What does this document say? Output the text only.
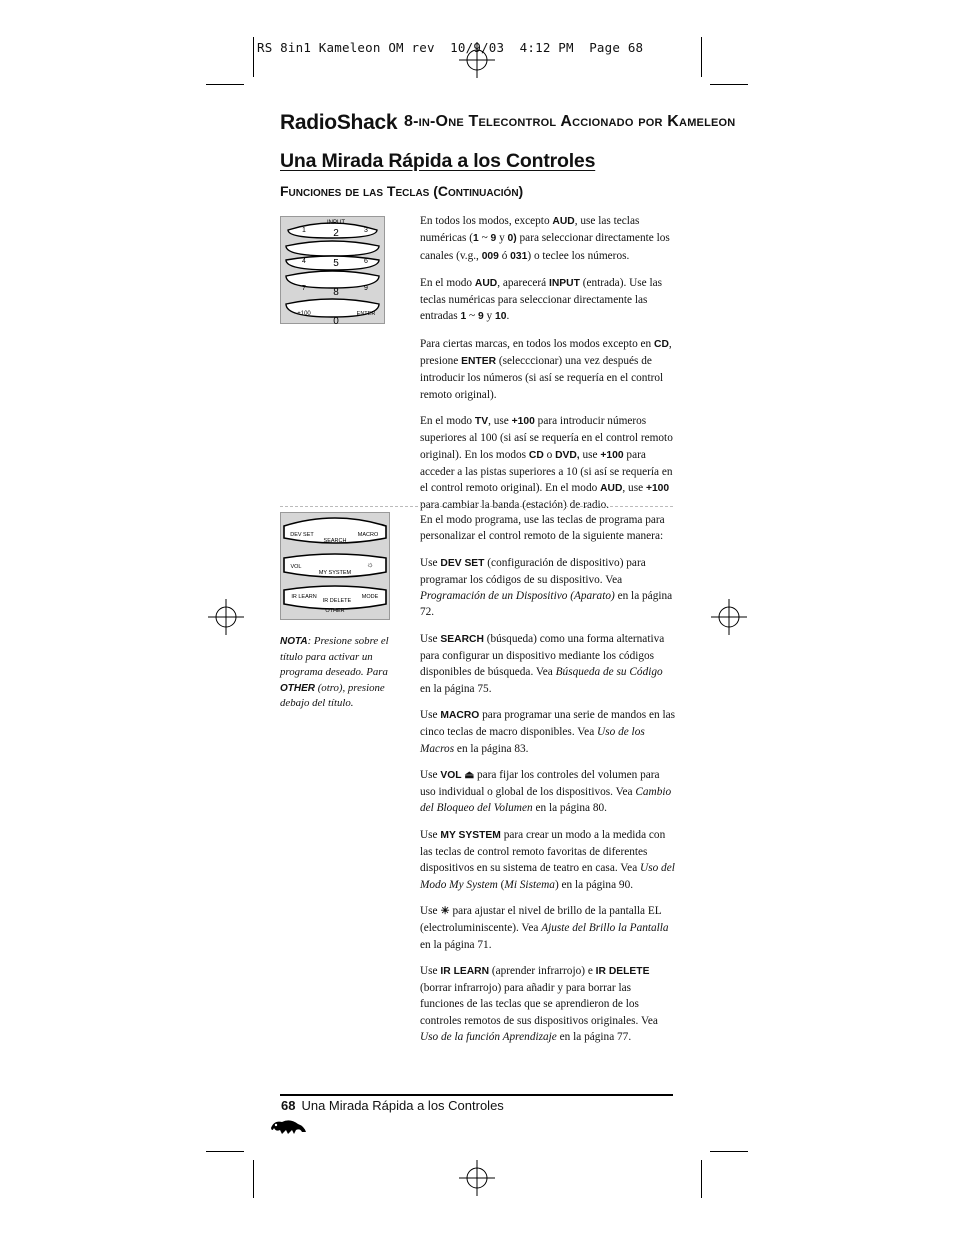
RS 8in1 Kameleon OM rev  10/9/03  4:12 PM  Page 68
RadioShack 8-in-One Telecontrol Accionado por Kameleon
Una Mirada Rápida a los Controles
Funciones de las Teclas (Continuación)
INPUT
1	2	3
4	5	6
7	8	9
0
+100	ENTER
DEV SET
SEARCH
MACRO
VOL
MY SYSTEM
☼
IR LEARN
IR DELETE
MODE
OTHER

En todos los modos, excepto AUD, use las teclas numéricas (1 ~ 9 y 0) para seleccionar directamente los canales (v.g., 009 ó 031) o teclee los números.

En el modo AUD, aparecerá INPUT (entrada). Use las teclas numéricas para seleccionar directamente las entradas 1 ~ 9 y 10.

Para ciertas marcas, en todos los modos excepto en CD, presione ENTER (selecccionar) una vez después de introducir los números (si así se requería en el control remoto original).

En el modo TV, use +100 para introducir números superiores al 100 (si así se requería en el control remoto original). En los modos CD o DVD, use +100 para acceder a las pistas superiores a 10 (si así se requería en el control remoto original). En el modo AUD, use +100 para cambiar la banda (estación) de radio.

En el modo programa, use las teclas de programa para personalizar el control remoto de la siguiente manera:

Use DEV SET (configuración de dispositivo) para programar los códigos de su dispositivo. Vea Programación de un Dispositivo (Aparato) en la página 72.

Use SEARCH (búsqueda) como una forma alternativa para configurar un dispositivo mediante los códigos disponibles de búsqueda. Vea Búsqueda de su Código en la página 75.

Use MACRO para programar una serie de mandos en las cinco teclas de macro disponibles. Vea Uso de los Macros en la página 83.

Use VOL ⏏ para fijar los controles del volumen para uso individual o global de los dispositivos. Vea Cambio del Bloqueo del Volumen en la página 80.

Use MY SYSTEM para crear un modo a la medida con las teclas de control remoto favoritas de diferentes dispositivos en su sistema de teatro en casa. Vea Uso del Modo My System (Mi Sistema) en la página 90.

Use ☀ para ajustar el nivel de brillo de la pantalla EL (electroluminiscente). Vea Ajuste del Brillo la Pantalla en la página 71.

Use IR LEARN (aprender infrarrojo) e IR DELETE (borrar infrarrojo) para añadir y para borrar las funciones de las teclas que se aprendieron de los controles remotos de sus dispositivos originales. Vea Uso de la función Aprendizaje en la página 77.

NOTA: Presione sobre el título para activar un programa deseado. Para OTHER (otro), presione debajo del título.
68 Una Mirada Rápida a los Controles
